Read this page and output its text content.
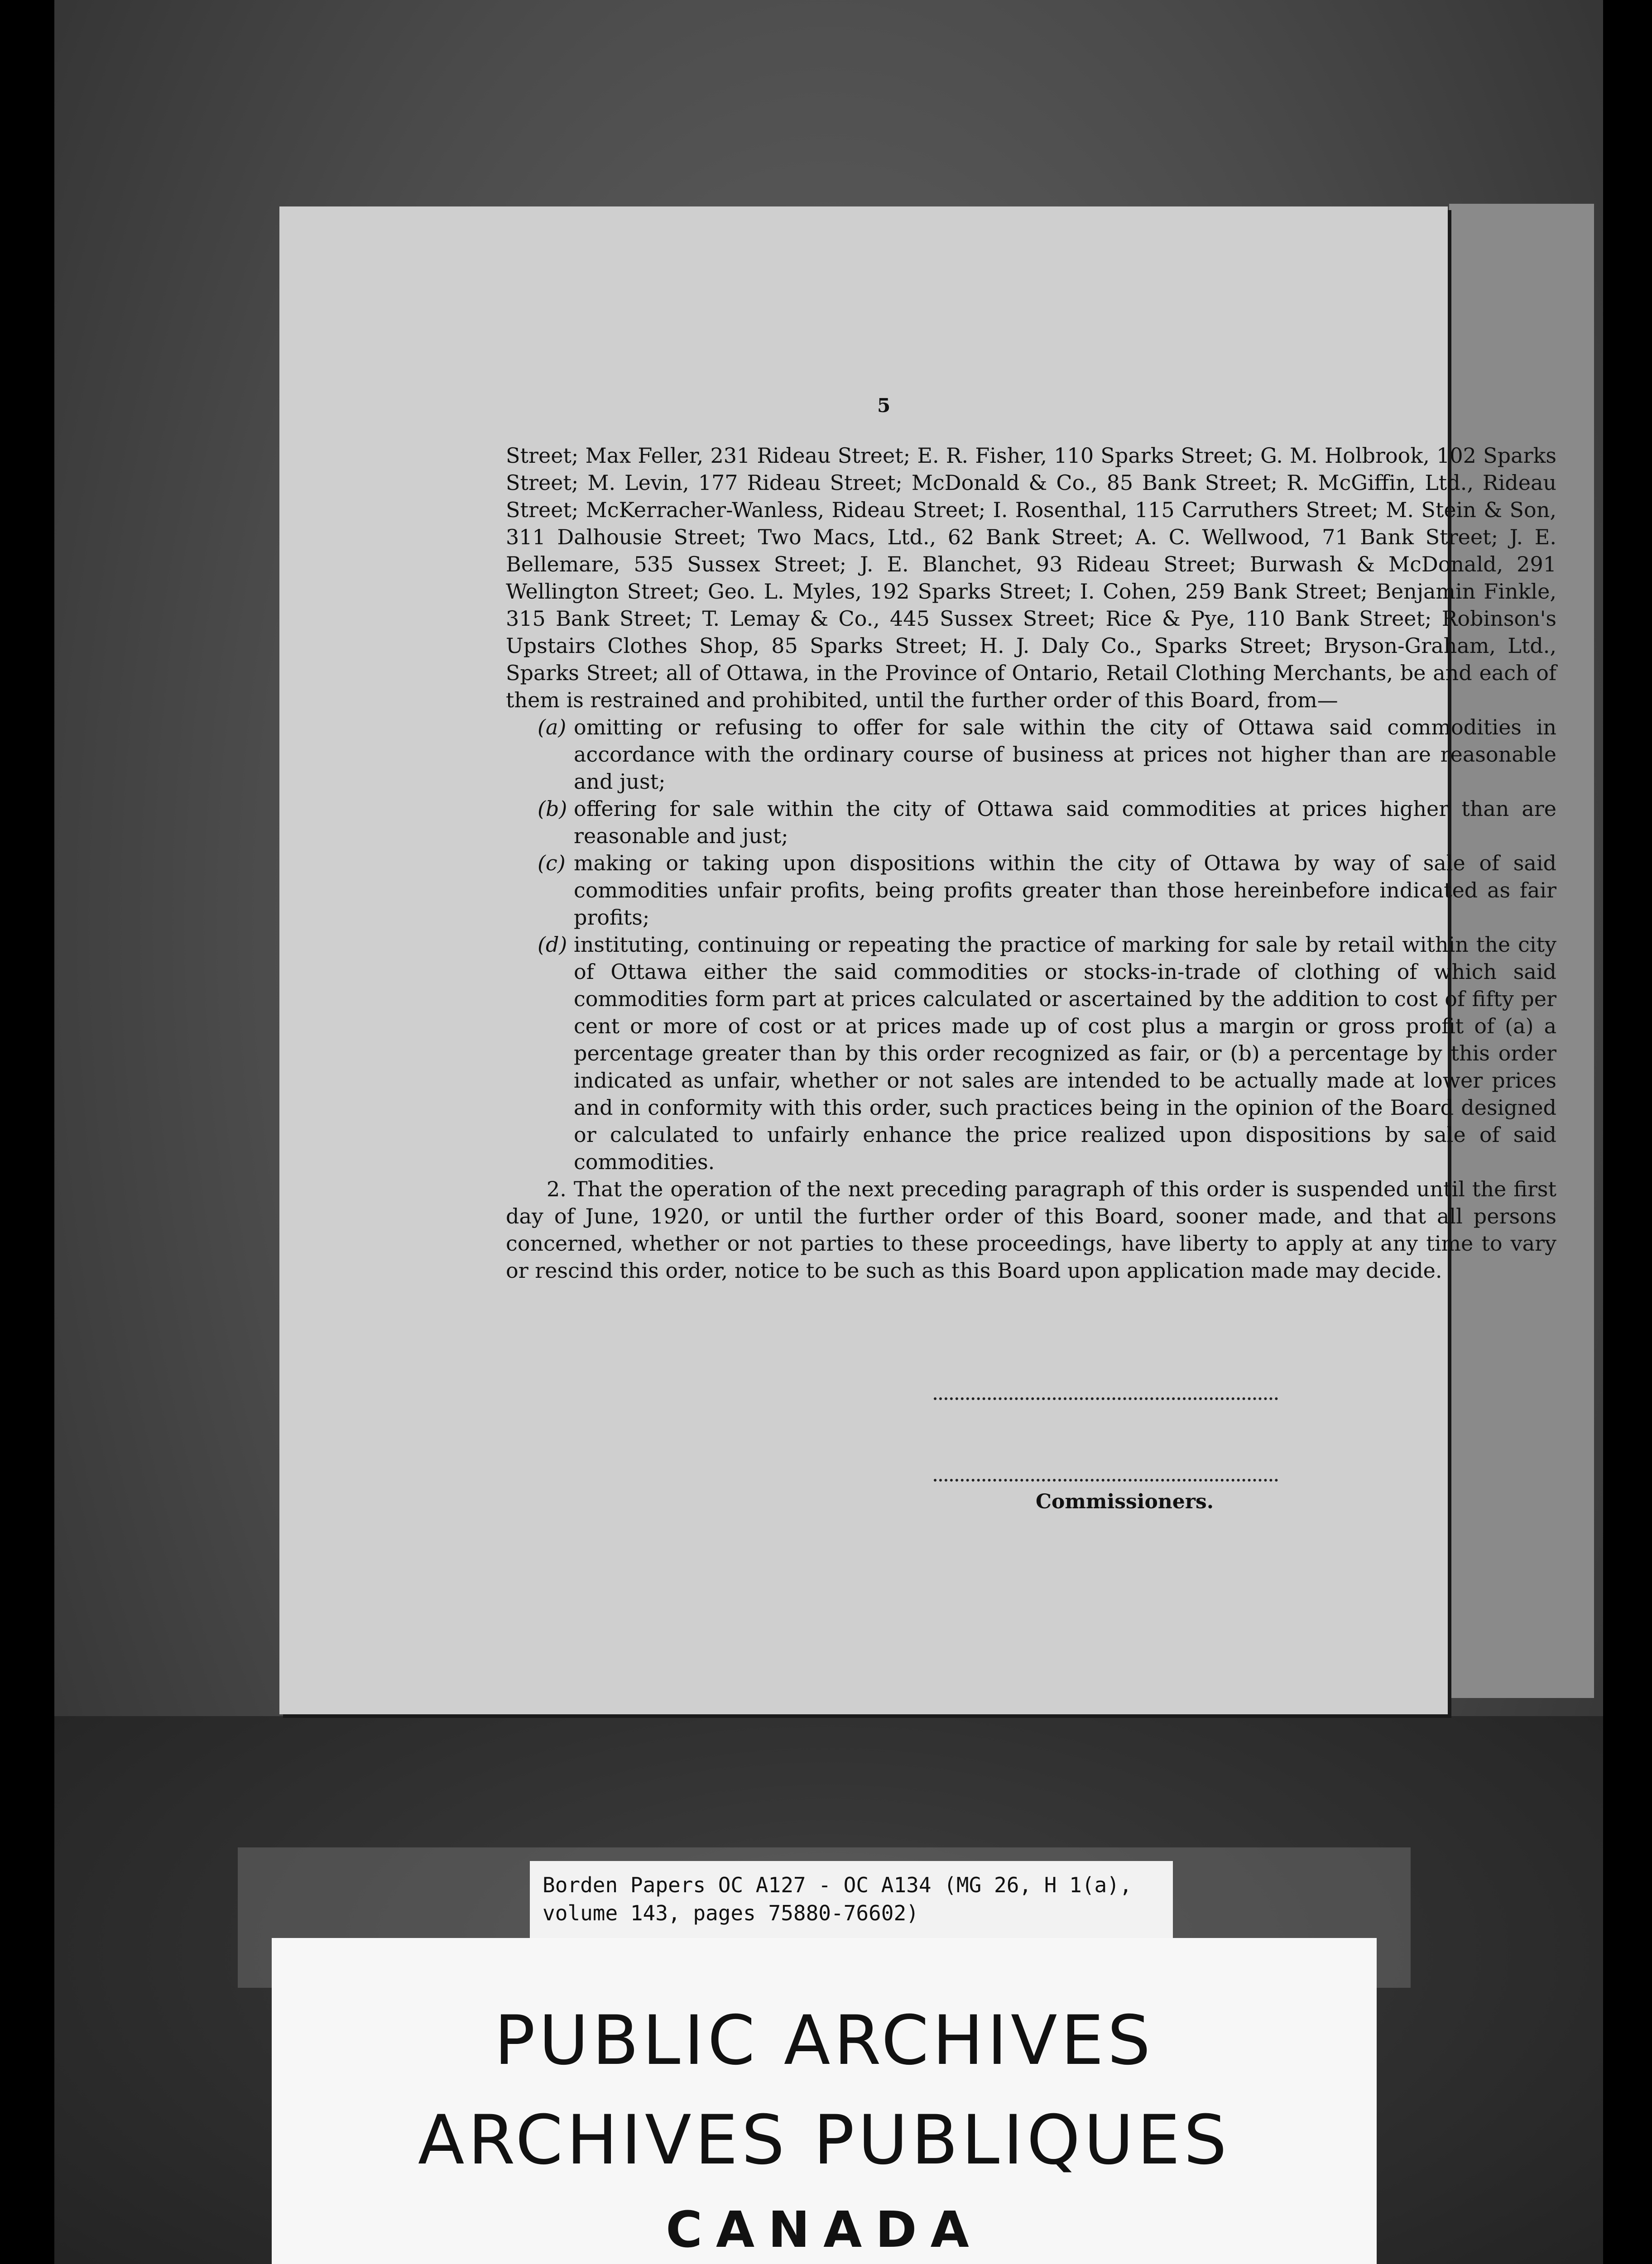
5

Street; Max Feller, 231 Rideau Street; E. R. Fisher, 110 Sparks Street; G. M. Holbrook, 102 Sparks Street; M. Levin, 177 Rideau Street; McDonald & Co., 85 Bank Street; R. McGiffin, Ltd., Rideau Street; McKerracher-Wanless, Rideau Street; I. Rosenthal, 115 Carruthers Street; M. Stein & Son, 311 Dalhousie Street; Two Macs, Ltd., 62 Bank Street; A. C. Wellwood, 71 Bank Street; J. E. Bellemare, 535 Sussex Street; J. E. Blanchet, 93 Rideau Street; Burwash & McDonald, 291 Wellington Street; Geo. L. Myles, 192 Sparks Street; I. Cohen, 259 Bank Street; Benjamin Finkle, 315 Bank Street; T. Lemay & Co., 445 Sussex Street; Rice & Pye, 110 Bank Street; Robinson's Upstairs Clothes Shop, 85 Sparks Street; H. J. Daly Co., Sparks Street; Bryson-Graham, Ltd., Sparks Street; all of Ottawa, in the Province of Ontario, Retail Clothing Merchants, be and each of them is restrained and prohibited, until the further order of this Board, from—

(a) omitting or refusing to offer for sale within the city of Ottawa said commodities in accordance with the ordinary course of business at prices not higher than are reasonable and just;
(b) offering for sale within the city of Ottawa said commodities at prices higher than are reasonable and just;
(c) making or taking upon dispositions within the city of Ottawa by way of sale of said commodities unfair profits, being profits greater than those hereinbefore indicated as fair profits;
(d) instituting, continuing or repeating the practice of marking for sale by retail within the city of Ottawa either the said commodities or stocks-in-trade of clothing of which said commodities form part at prices calculated or ascertained by the addition to cost of fifty per cent or more of cost or at prices made up of cost plus a margin or gross profit of (a) a percentage greater than by this order recognized as fair, or (b) a percentage by this order indicated as unfair, whether or not sales are intended to be actually made at lower prices and in conformity with this order, such practices being in the opinion of the Board designed or calculated to unfairly enhance the price realized upon dispositions by sale of said commodities.

2. That the operation of the next preceding paragraph of this order is suspended until the first day of June, 1920, or until the further order of this Board, sooner made, and that all persons concerned, whether or not parties to these proceedings, have liberty to apply at any time to vary or rescind this order, notice to be such as this Board upon application made may decide.

Commissioners.
Borden Papers OC A127 - OC A134 (MG 26, H 1(a),
volume 143, pages 75880-76602)
PUBLIC ARCHIVES
ARCHIVES PUBLIQUES
CANADA
